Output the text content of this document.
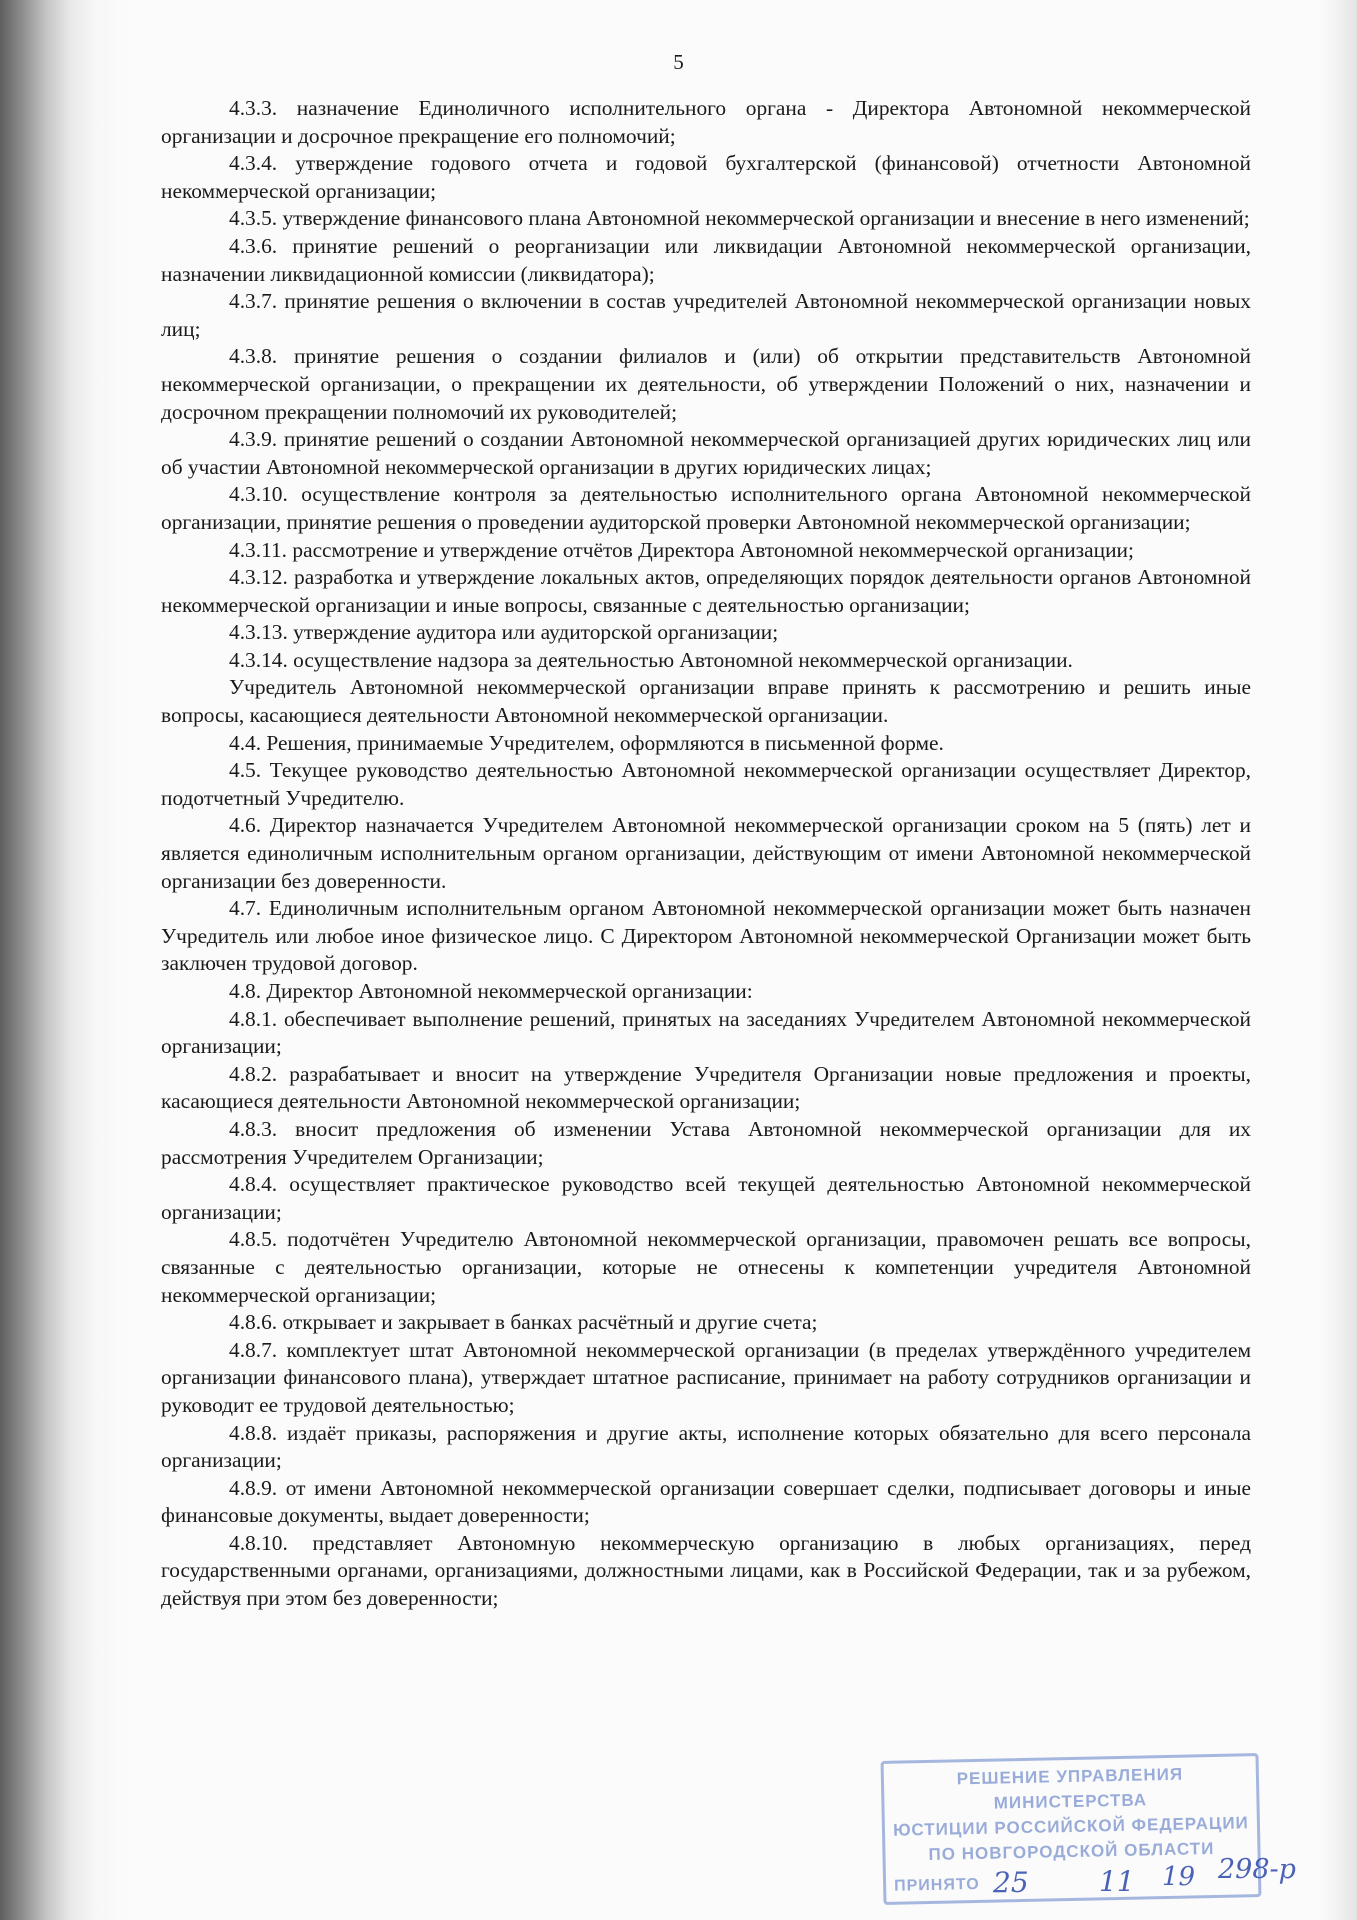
5

4.3.3. назначение Единоличного исполнительного органа - Директора Автономной некоммерческой организации и досрочное прекращение его полномочий;

4.3.4. утверждение годового отчета и годовой бухгалтерской (финансовой) отчетности Автономной некоммерческой организации;

4.3.5. утверждение финансового плана Автономной некоммерческой организации и внесение в него изменений;

4.3.6. принятие решений о реорганизации или ликвидации Автономной некоммерческой организации, назначении ликвидационной комиссии (ликвидатора);

4.3.7. принятие решения о включении в состав учредителей Автономной некоммерческой организации новых лиц;

4.3.8. принятие решения о создании филиалов и (или) об открытии представительств Автономной некоммерческой организации, о прекращении их деятельности, об утверждении Положений о них, назначении и досрочном прекращении полномочий их руководителей;

4.3.9. принятие решений о создании Автономной некоммерческой организацией других юридических лиц или об участии Автономной некоммерческой организации в других юридических лицах;

4.3.10. осуществление контроля за деятельностью исполнительного органа Автономной некоммерческой организации, принятие решения о проведении аудиторской проверки Автономной некоммерческой организации;

4.3.11. рассмотрение и утверждение отчётов Директора Автономной некоммерческой организации;

4.3.12. разработка и утверждение локальных актов, определяющих порядок деятельности органов Автономной некоммерческой организации и иные вопросы, связанные с деятельностью организации;

4.3.13. утверждение аудитора или аудиторской организации;

4.3.14. осуществление надзора за деятельностью Автономной некоммерческой организации.

Учредитель Автономной некоммерческой организации вправе принять к рассмотрению и решить иные вопросы, касающиеся деятельности Автономной некоммерческой организации.

4.4. Решения, принимаемые Учредителем, оформляются в письменной форме.

4.5. Текущее руководство деятельностью Автономной некоммерческой организации осуществляет Директор, подотчетный Учредителю.

4.6. Директор назначается Учредителем Автономной некоммерческой организации сроком на 5 (пять) лет и является единоличным исполнительным органом организации, действующим от имени Автономной некоммерческой организации без доверенности.

4.7. Единоличным исполнительным органом Автономной некоммерческой организации может быть назначен Учредитель или любое иное физическое лицо. С Директором Автономной некоммерческой Организации может быть заключен трудовой договор.

4.8. Директор Автономной некоммерческой организации:

4.8.1. обеспечивает выполнение решений, принятых на заседаниях Учредителем Автономной некоммерческой организации;

4.8.2. разрабатывает и вносит на утверждение Учредителя Организации новые предложения и проекты, касающиеся деятельности Автономной некоммерческой организации;

4.8.3. вносит предложения об изменении Устава Автономной некоммерческой организации для их рассмотрения Учредителем Организации;

4.8.4. осуществляет практическое руководство всей текущей деятельностью Автономной некоммерческой организации;

4.8.5. подотчётен Учредителю Автономной некоммерческой организации, правомочен решать все вопросы, связанные с деятельностью организации, которые не отнесены к компетенции учредителя Автономной некоммерческой организации;

4.8.6. открывает и закрывает в банках расчётный и другие счета;

4.8.7. комплектует штат Автономной некоммерческой организации (в пределах утверждённого учредителем организации финансового плана), утверждает штатное расписание, принимает на работу сотрудников организации и руководит ее трудовой деятельностью;

4.8.8. издаёт приказы, распоряжения и другие акты, исполнение которых обязательно для всего персонала организации;

4.8.9. от имени Автономной некоммерческой организации совершает сделки, подписывает договоры и иные финансовые документы, выдает доверенности;

4.8.10. представляет Автономную некоммерческую организацию в любых организациях, перед государственными органами, организациями, должностными лицами, как в Российской Федерации, так и за рубежом, действуя при этом без доверенности;

РЕШЕНИЕ УПРАВЛЕНИЯ МИНИСТЕРСТВА
ЮСТИЦИИ РОССИЙСКОЙ ФЕДЕРАЦИИ
ПО НОВГОРОДСКОЙ ОБЛАСТИ
ПРИНЯТО 25	11 19 298-р
